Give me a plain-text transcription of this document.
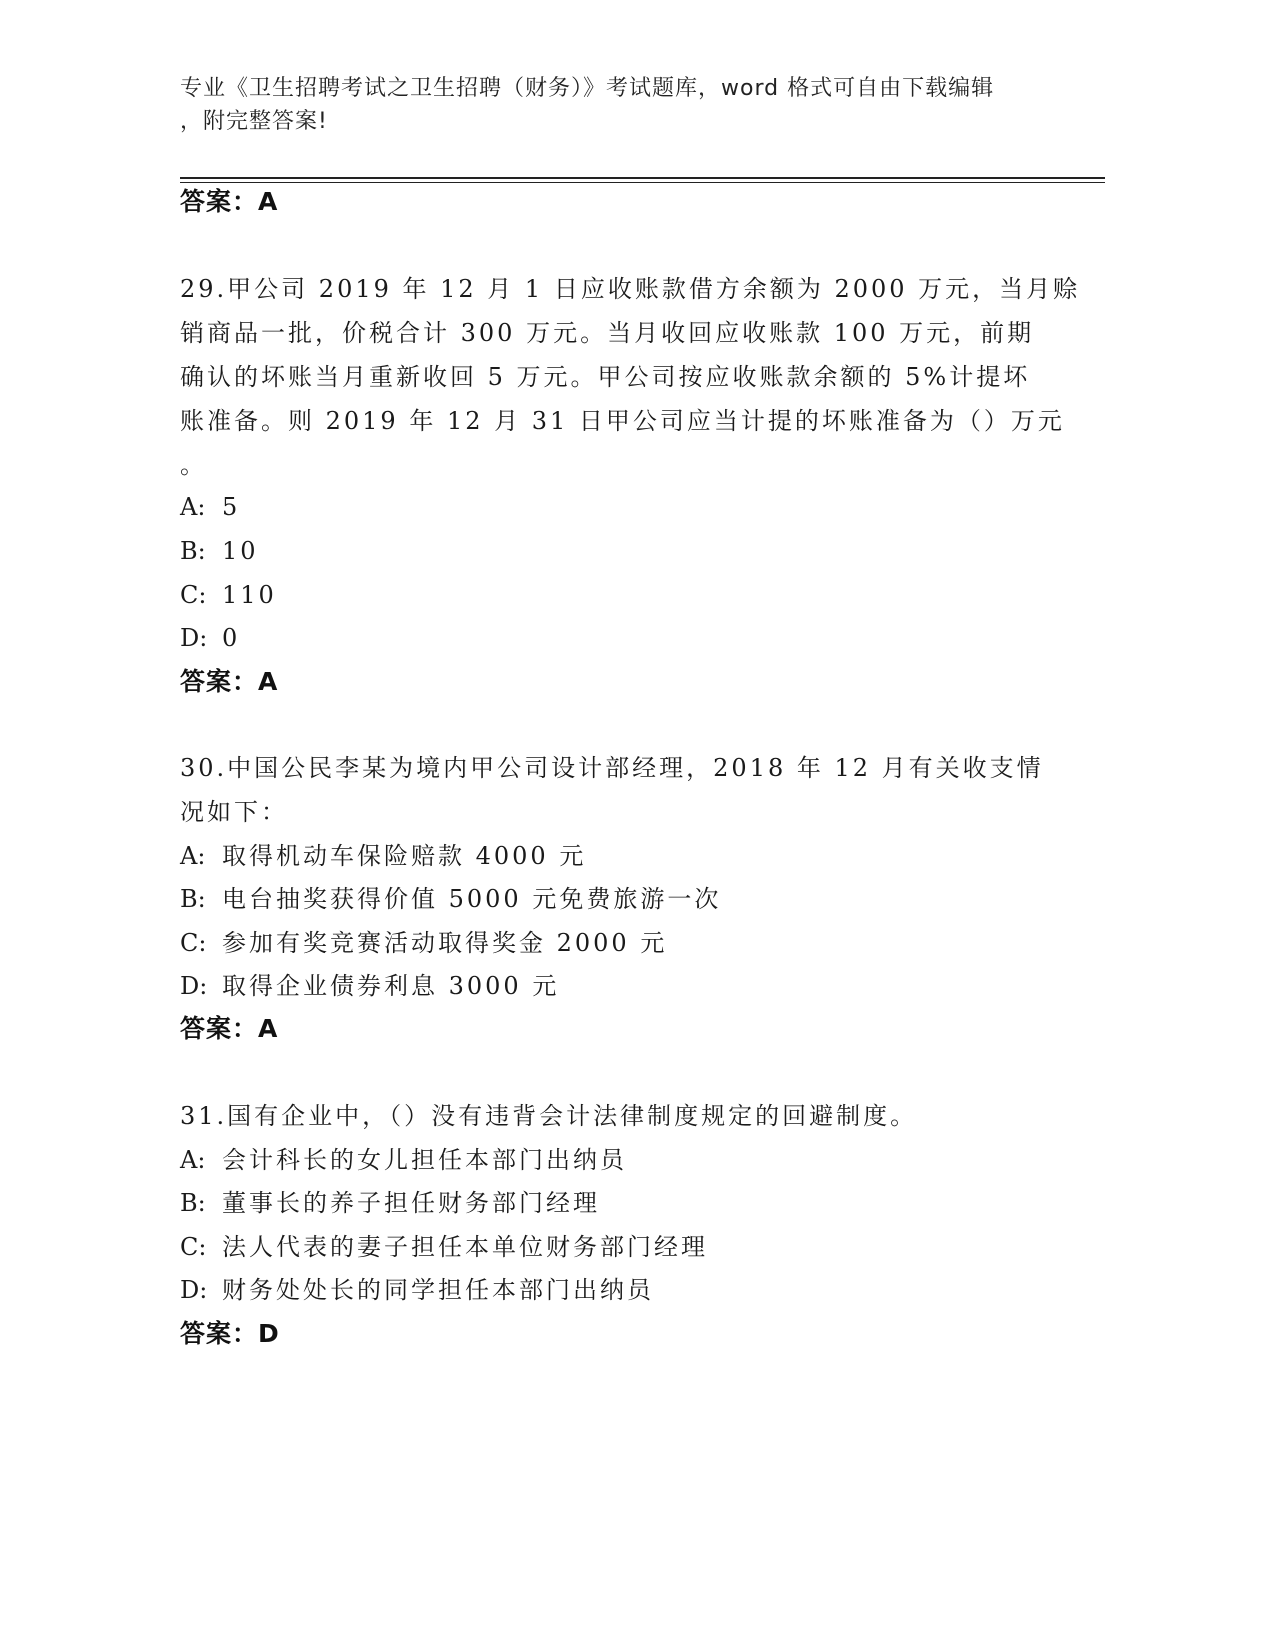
专业《卫生招聘考试之卫生招聘（财务）》考试题库，word 格式可自由下载编辑
，附完整答案!
答案：A
29.甲公司 2019 年 12 月 1 日应收账款借方余额为 2000 万元，当月赊
销商品一批，价税合计 300 万元。当月收回应收账款 100 万元，前期
确认的坏账当月重新收回 5 万元。甲公司按应收账款余额的 5%计提坏
账准备。则 2019 年 12 月 31 日甲公司应当计提的坏账准备为（）万元
。
A: 5
B: 10
C: 110
D: 0
答案：A
30.中国公民李某为境内甲公司设计部经理，2018 年 12 月有关收支情
况如下：
A: 取得机动车保险赔款 4000 元
B: 电台抽奖获得价值 5000 元免费旅游一次
C: 参加有奖竞赛活动取得奖金 2000 元
D: 取得企业债券利息 3000 元
答案：A
31.国有企业中，（）没有违背会计法律制度规定的回避制度。
A: 会计科长的女儿担任本部门出纳员
B: 董事长的养子担任财务部门经理
C: 法人代表的妻子担任本单位财务部门经理
D: 财务处处长的同学担任本部门出纳员
答案：D
